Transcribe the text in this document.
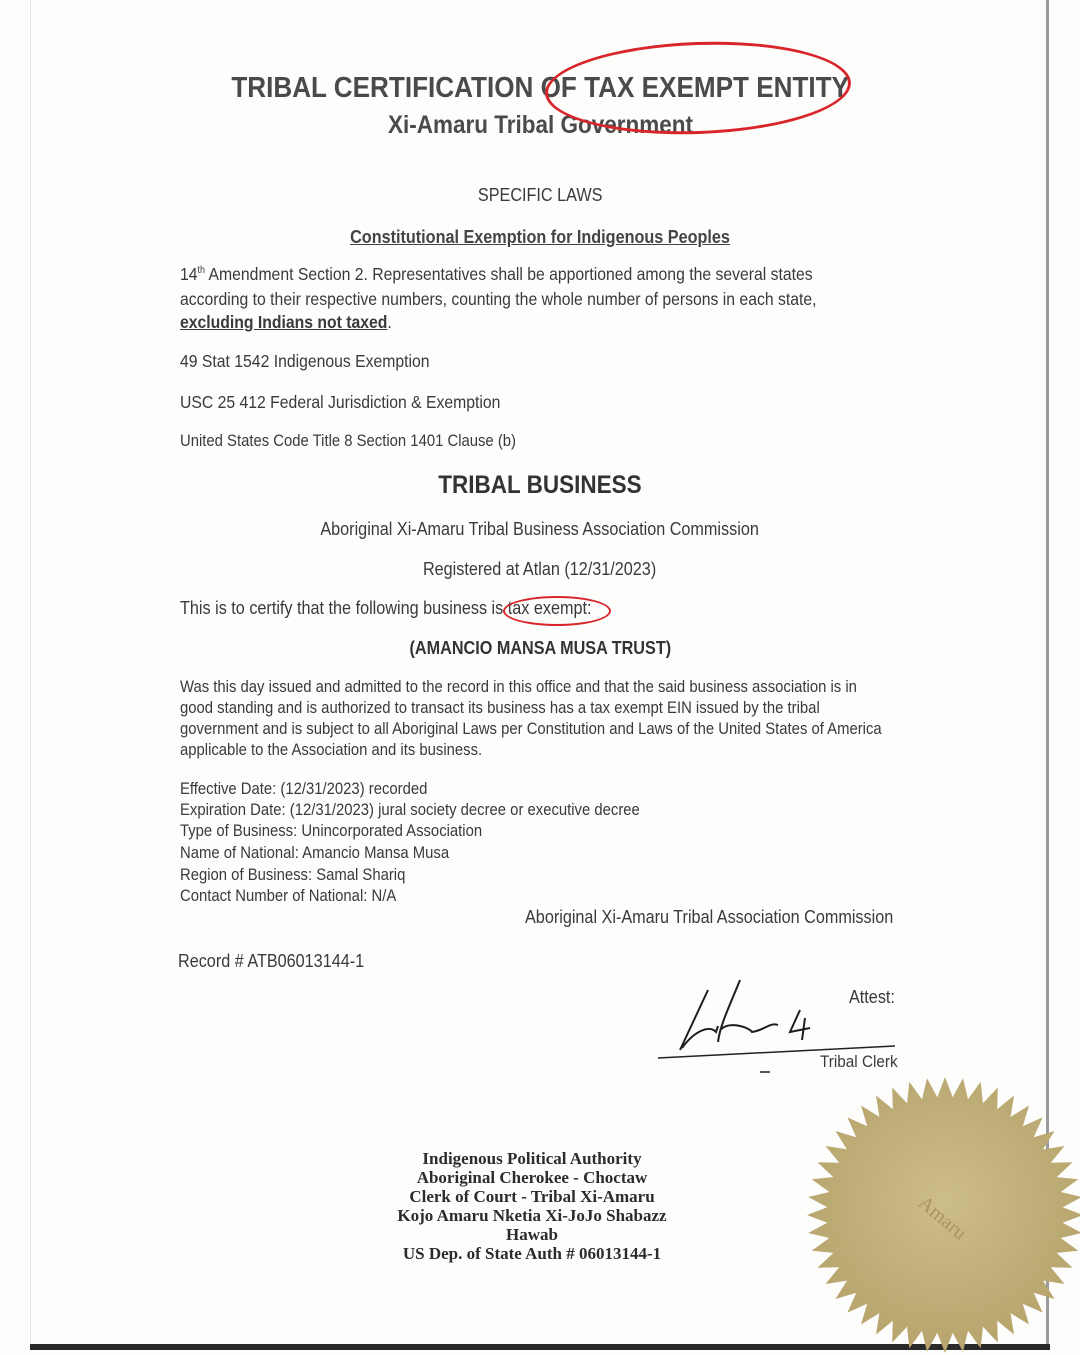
TRIBAL CERTIFICATION OF TAX EXEMPT ENTITY
Xi-Amaru Tribal Government
SPECIFIC LAWS
Constitutional Exemption for Indigenous Peoples
14th Amendment Section 2. Representatives shall be apportioned among the several states
according to their respective numbers, counting the whole number of persons in each state,
excluding Indians not taxed.
49 Stat 1542 Indigenous Exemption
USC 25 412 Federal Jurisdiction & Exemption
United States Code Title 8 Section 1401 Clause (b)
TRIBAL BUSINESS
Aboriginal Xi-Amaru Tribal Business Association Commission
Registered at Atlan (12/31/2023)
This is to certify that the following business is tax exempt:
(AMANCIO MANSA MUSA TRUST)
Was this day issued and admitted to the record in this office and that the said business association is in
good standing and is authorized to transact its business has a tax exempt EIN issued by the tribal
government and is subject to all Aboriginal Laws per Constitution and Laws of the United States of America
applicable to the Association and its business.
Effective Date: (12/31/2023) recorded
Expiration Date: (12/31/2023) jural society decree or executive decree
Type of Business: Unincorporated Association
Name of National: Amancio Mansa Musa
Region of Business: Samal Shariq
Contact Number of National: N/A
Aboriginal Xi-Amaru Tribal Association Commission
Record # ATB06013144-1
Attest:
Tribal Clerk
Indigenous Political Authority
Aboriginal Cherokee - Choctaw
Clerk of Court - Tribal Xi-Amaru
Kojo Amaru Nketia Xi-JoJo Shabazz
Hawab
US Dep. of State Auth # 06013144-1
Amaru
